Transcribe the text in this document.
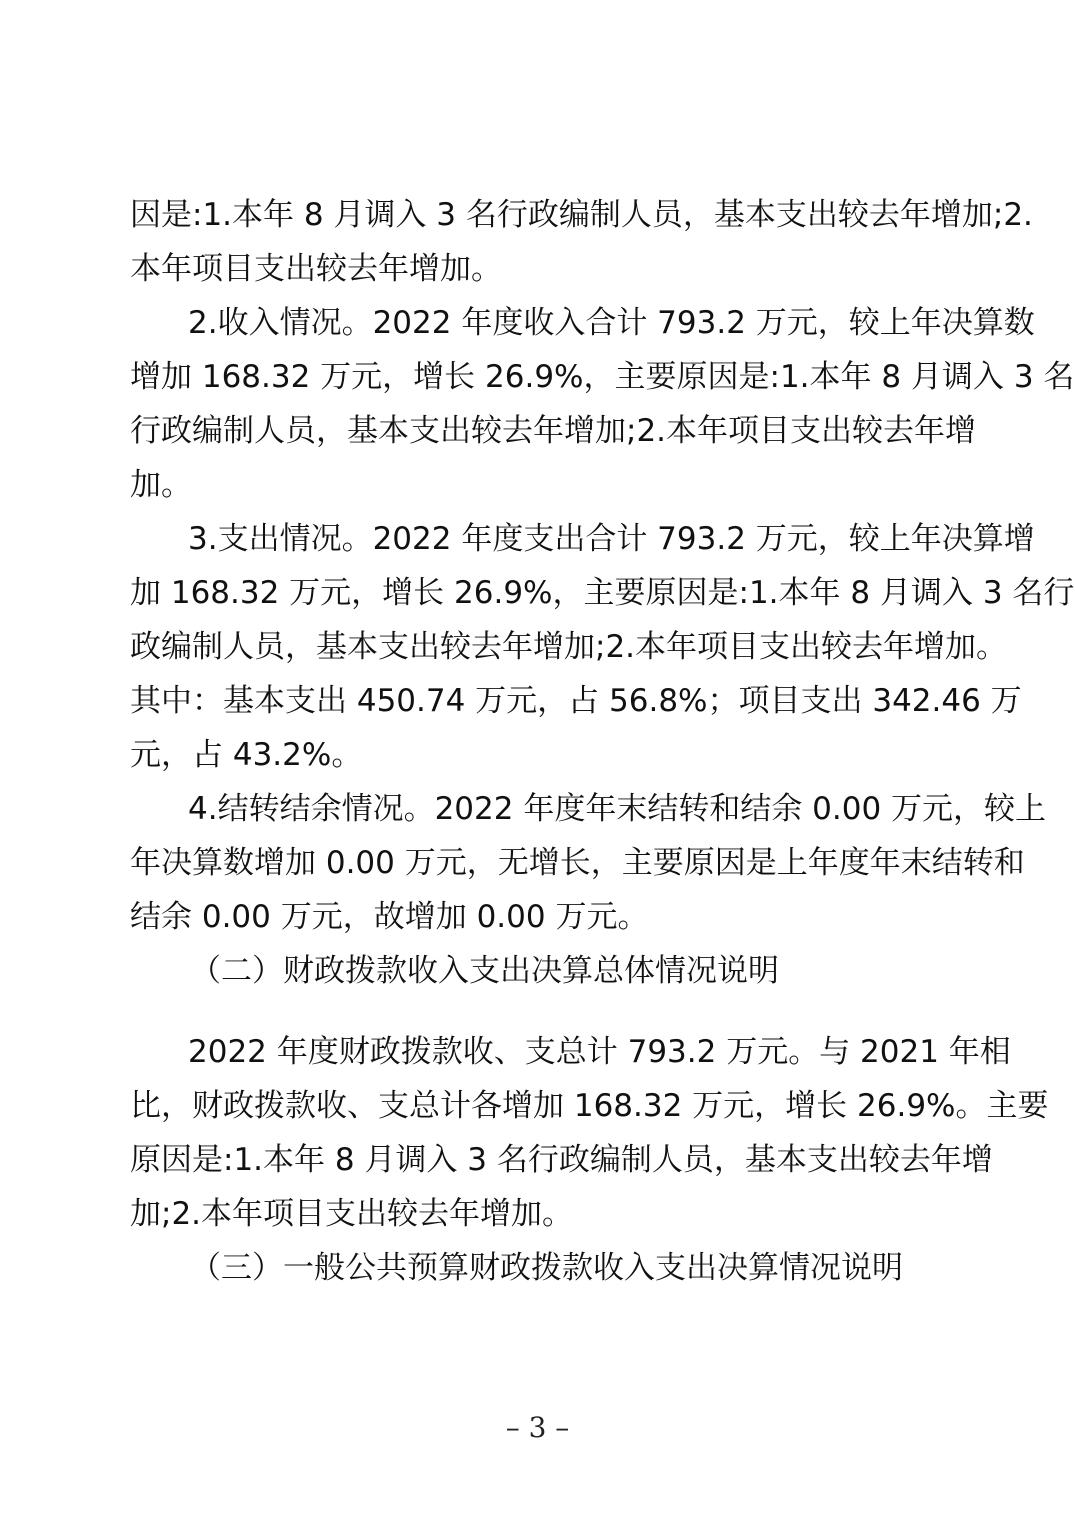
因是:1.本年 8 月调入 3 名行政编制人员，基本支出较去年增加;2.
本年项目支出较去年增加。
2.收入情况。2022 年度收入合计 793.2 万元，较上年决算数
增加 168.32 万元，增长 26.9%，主要原因是:1.本年 8 月调入 3 名
行政编制人员，基本支出较去年增加;2.本年项目支出较去年增
加。
3.支出情况。2022 年度支出合计 793.2 万元，较上年决算增
加 168.32 万元，增长 26.9%，主要原因是:1.本年 8 月调入 3 名行
政编制人员，基本支出较去年增加;2.本年项目支出较去年增加。
其中：基本支出 450.74 万元，占 56.8%；项目支出 342.46 万
元，占 43.2%。
4.结转结余情况。2022 年度年末结转和结余 0.00 万元，较上
年决算数增加 0.00 万元，无增长，主要原因是上年度年末结转和
结余 0.00 万元，故增加 0.00 万元。
（二）财政拨款收入支出决算总体情况说明
2022 年度财政拨款收、支总计 793.2 万元。与 2021 年相
比，财政拨款收、支总计各增加 168.32 万元，增长 26.9%。主要
原因是:1.本年 8 月调入 3 名行政编制人员，基本支出较去年增
加;2.本年项目支出较去年增加。
（三）一般公共预算财政拨款收入支出决算情况说明
– 3 –
